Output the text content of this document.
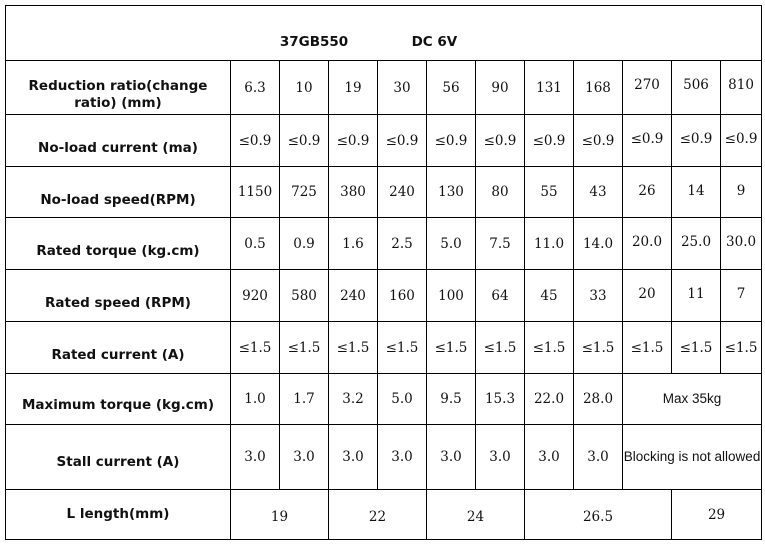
37GB550 DC 6V											
Reduction ratio(change ratio) (mm)	6.3	10	19	30	56	90	131	168	270	506	810
No-load current (ma)	≤0.9	≤0.9	≤0.9	≤0.9	≤0.9	≤0.9	≤0.9	≤0.9	≤0.9	≤0.9	≤0.9
No-load speed(RPM)	1150	725	380	240	130	80	55	43	26	14	9
Rated torque (kg.cm)	0.5	0.9	1.6	2.5	5.0	7.5	11.0	14.0	20.0	25.0	30.0
Rated speed (RPM)	920	580	240	160	100	64	45	33	20	11	7
Rated current (A)	≤1.5	≤1.5	≤1.5	≤1.5	≤1.5	≤1.5	≤1.5	≤1.5	≤1.5	≤1.5	≤1.5
Maximum torque (kg.cm)	1.0	1.7	3.2	5.0	9.5	15.3	22.0	28.0	Max 35kg		
Stall current (A)	3.0	3.0	3.0	3.0	3.0	3.0	3.0	3.0	Blocking is not allowed		
L length(mm)	19		22		24		26.5			29	
